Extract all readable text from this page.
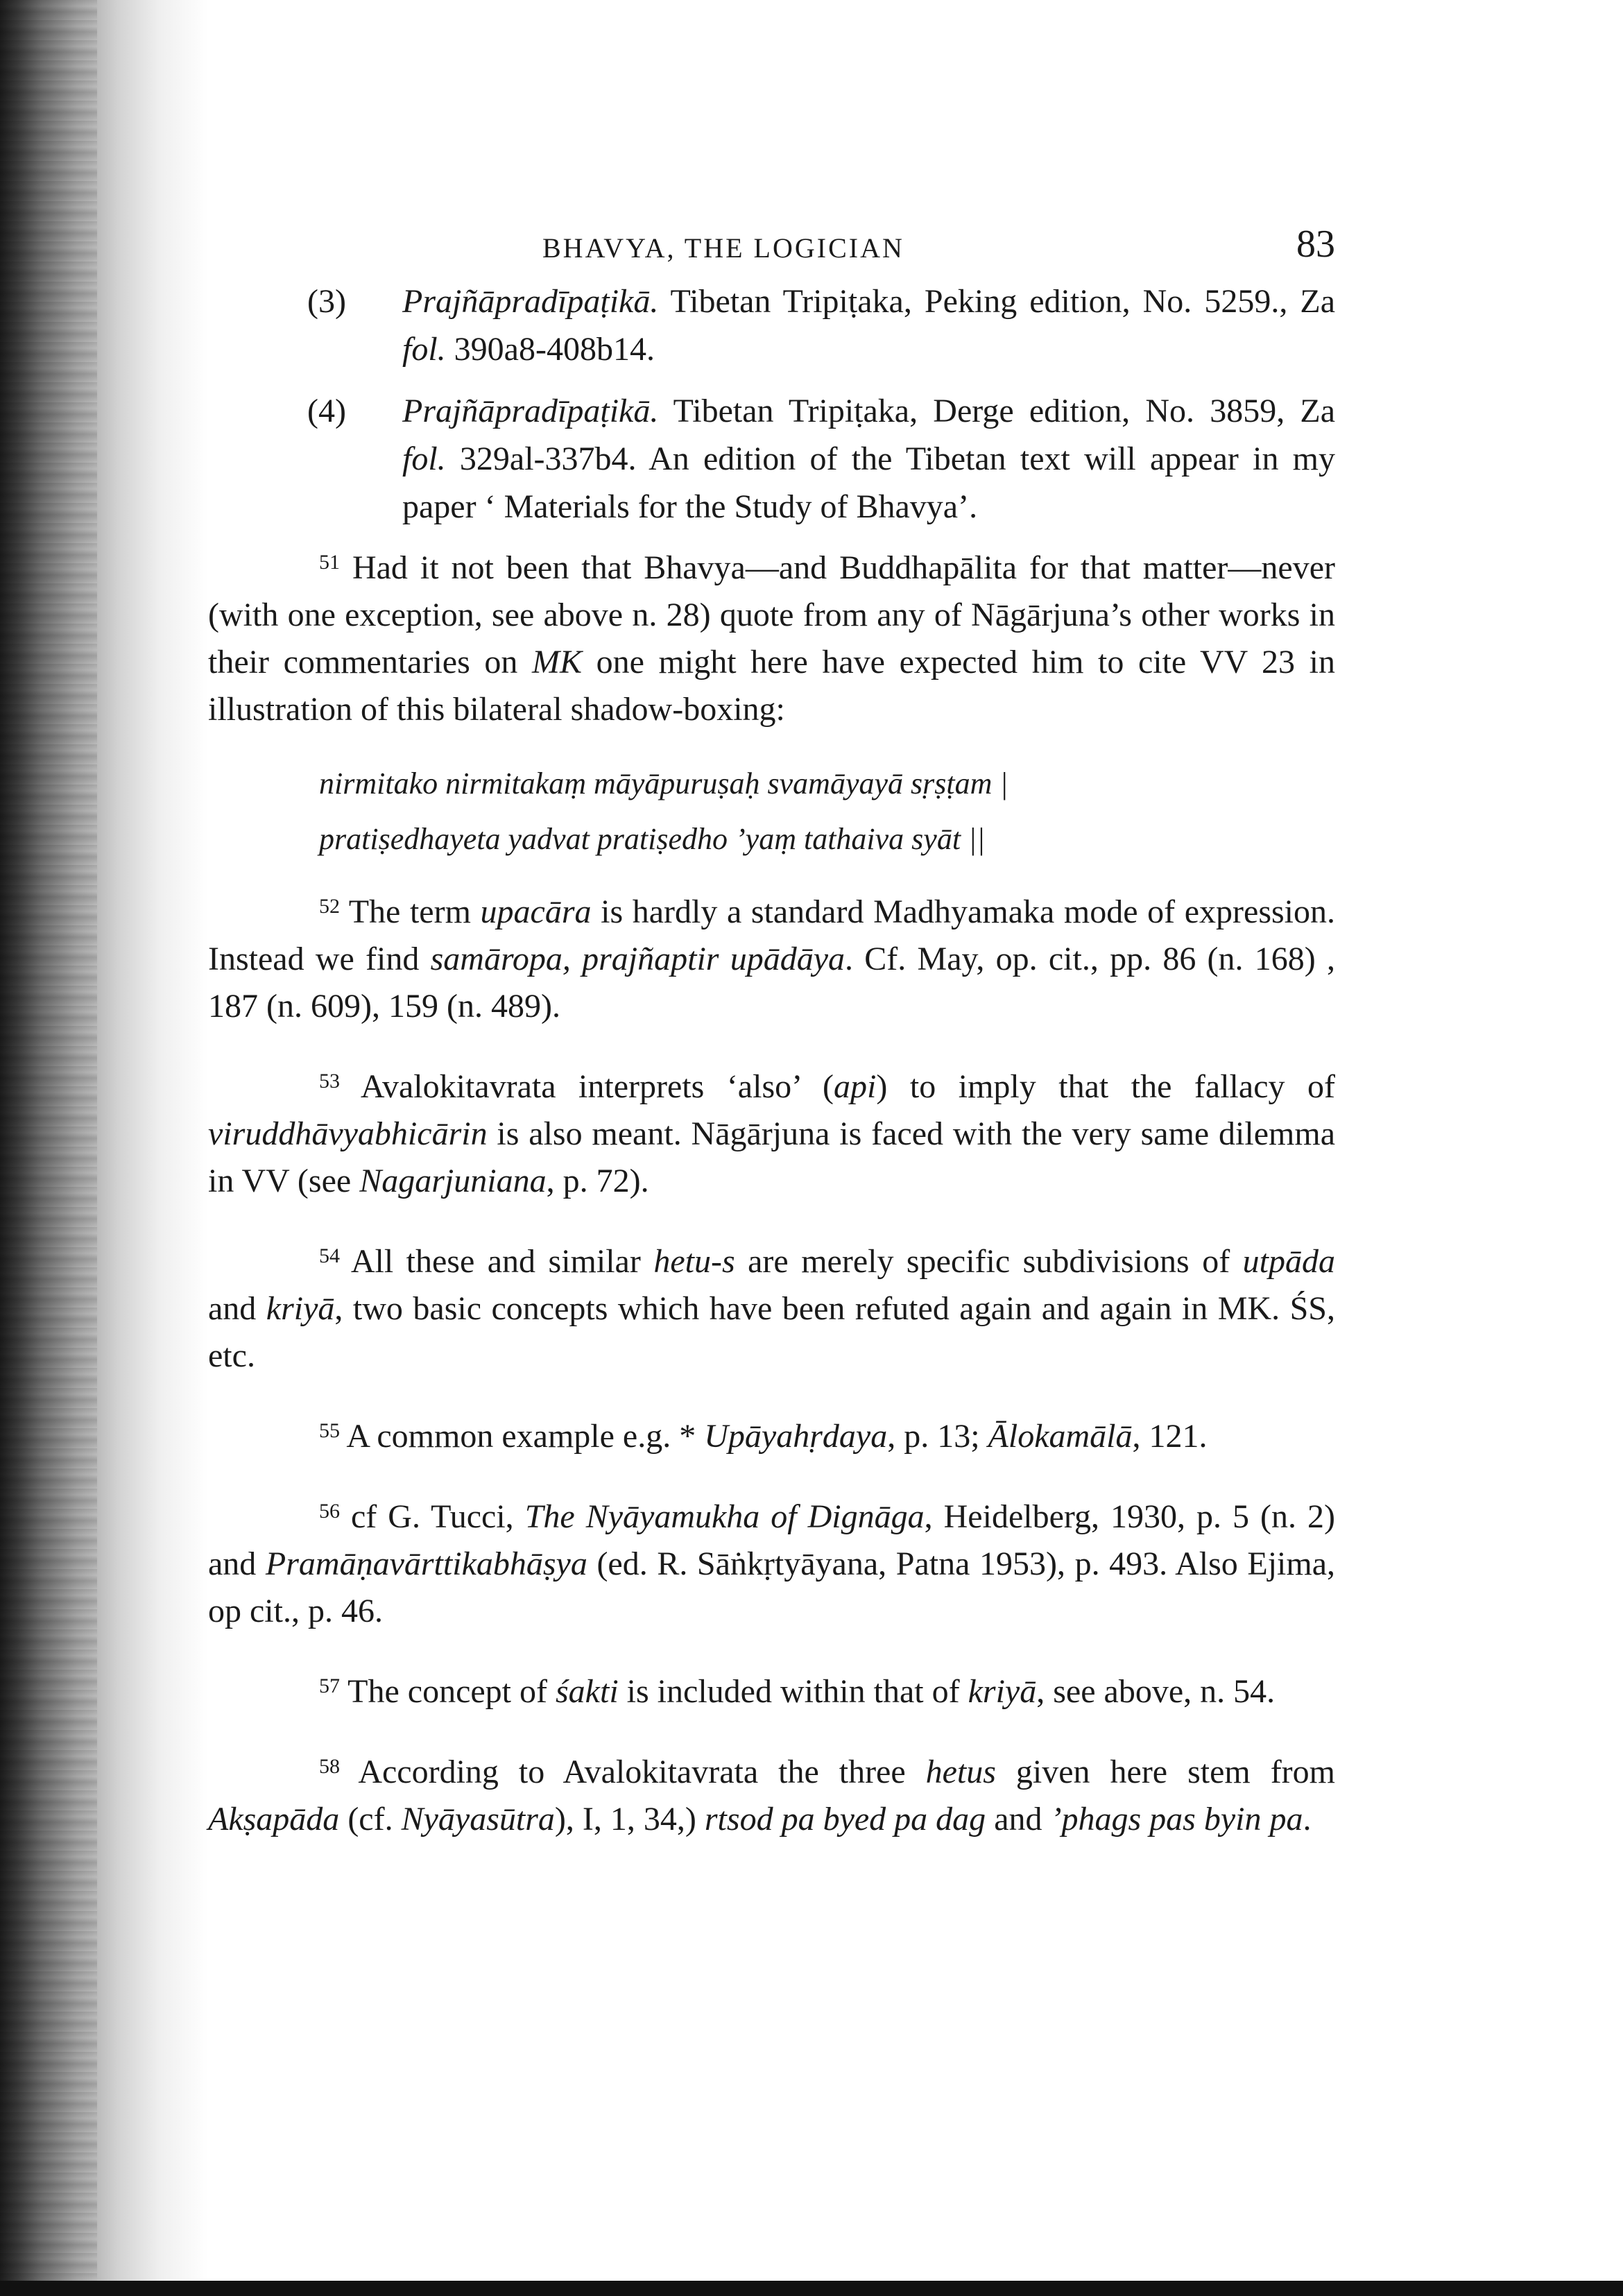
BHAVYA, THE LOGICIAN	83
(3) Prajñāpradīpaṭikā. Tibetan Tripiṭaka, Peking edition, No. 5259., Za fol. 390a8-408b14.
(4) Prajñāpradīpaṭikā. Tibetan Tripiṭaka, Derge edition, No. 3859, Za fol. 329al-337b4. An edition of the Tibetan text will appear in my paper ‘ Materials for the Study of Bhavya’.

$^{51}$ Had it not been that Bhavya—and Buddhapālita for that matter—never (with one exception, see above n. 28) quote from any of Nāgārjuna’s other works in their commentaries on MK one might here have expected him to cite VV 23 in illustration of this bilateral shadow-boxing:

nirmitako nirmitakaṃ māyāpuruṣaḥ svamāyayā sṛṣṭam |
pratiṣedhayeta yadvat pratiṣedho ’yaṃ tathaiva syāt ||

$^{52}$ The term upacāra is hardly a standard Madhyamaka mode of expression. Instead we find samāropa, prajñaptir upādāya. Cf. May, op. cit., pp. 86 (n. 168) , 187 (n. 609), 159 (n. 489).

$^{53}$ Avalokitavrata interprets ‘also’ (api) to imply that the fallacy of viruddhāvyabhicārin is also meant. Nāgārjuna is faced with the very same dilemma in VV (see Nagarjuniana, p. 72).

$^{54}$ All these and similar hetu-s are merely specific subdivisions of utpāda and kriyā, two basic concepts which have been refuted again and again in MK. ŚS, etc.

$^{55}$ A common example e.g. * Upāyahṛdaya, p. 13; Ālokamālā, 121.

$^{56}$ cf G. Tucci, The Nyāyamukha of Dignāga, Heidelberg, 1930, p. 5 (n. 2) and Pramāṇavārttikabhāṣya (ed. R. Sāṅkṛtyāyana, Patna 1953), p. 493. Also Ejima, op cit., p. 46.

$^{57}$ The concept of śakti is included within that of kriyā, see above, n. 54.

$^{58}$ According to Avalokitavrata the three hetus given here stem from Akṣapāda (cf. Nyāyasūtra), I, 1, 34,) rtsod pa byed pa dag and ’phags pas byin pa.
